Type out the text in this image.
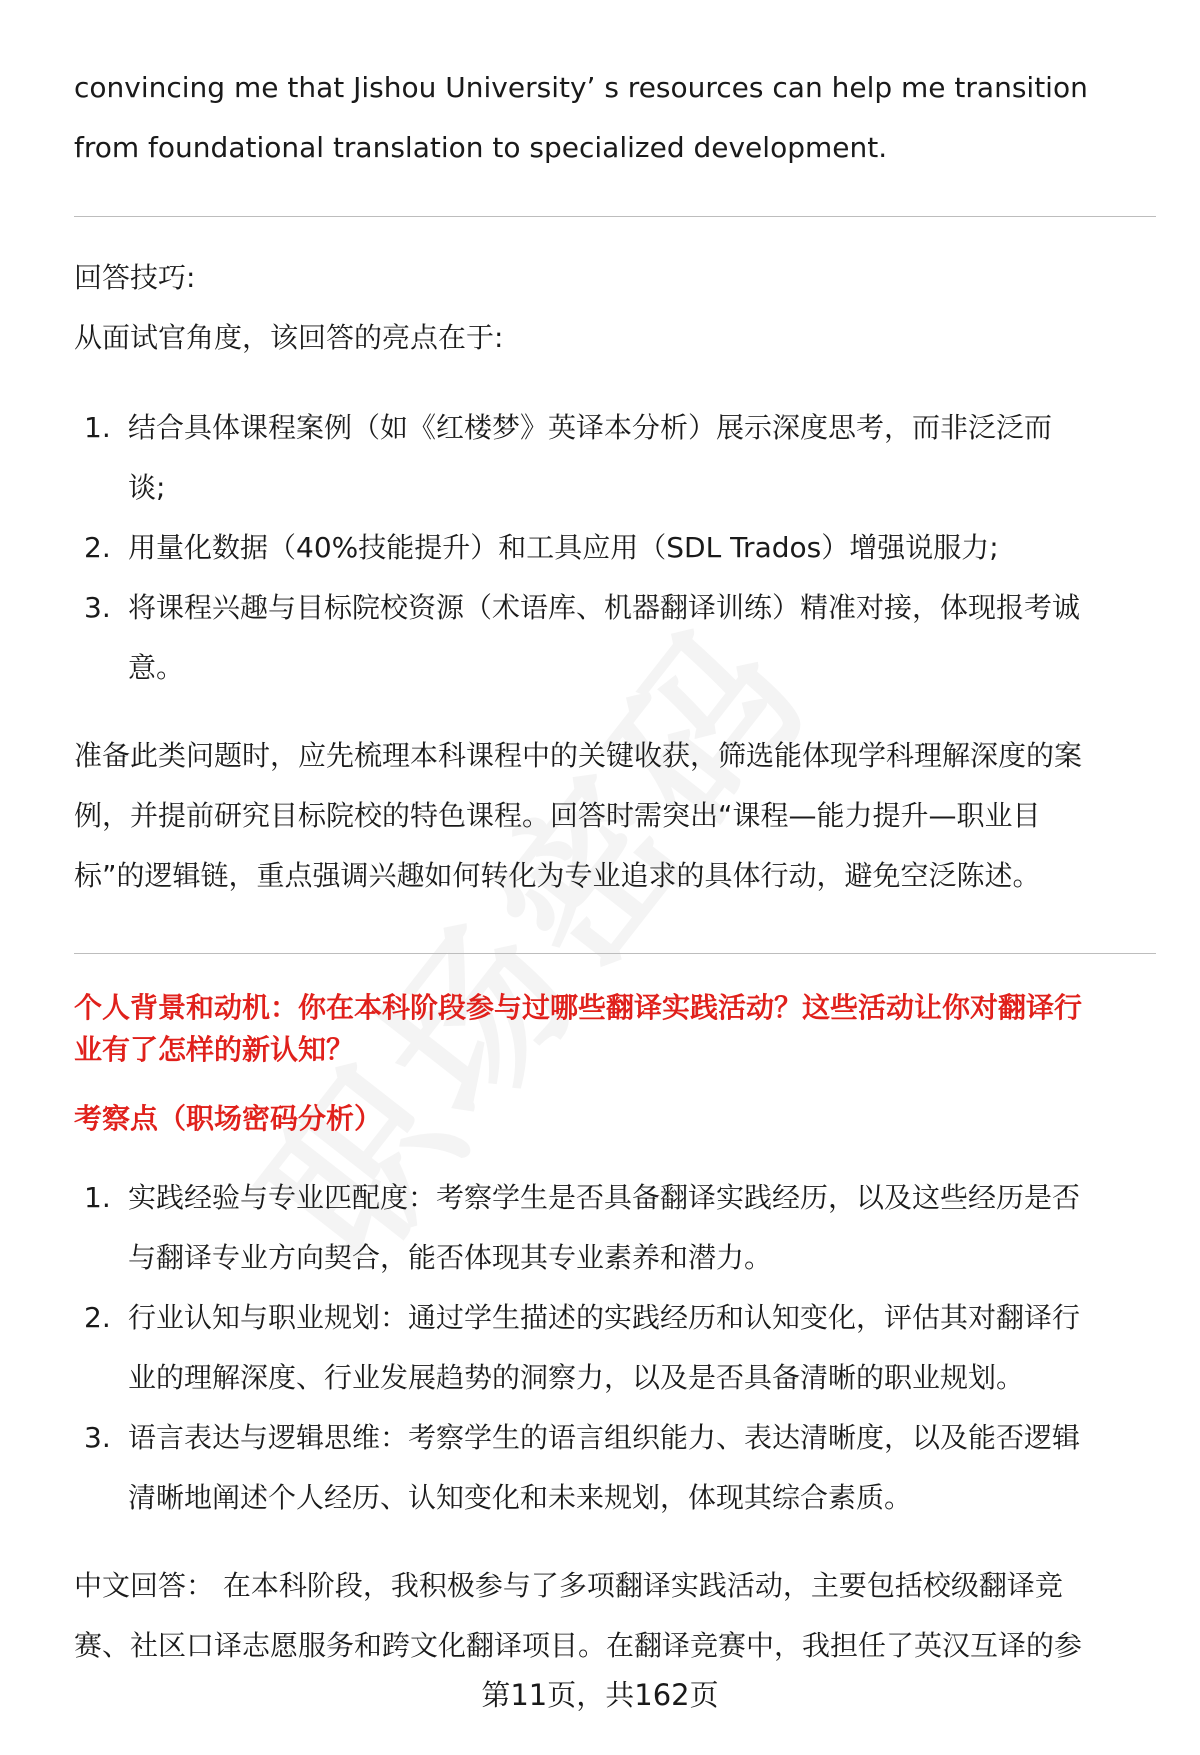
convincing me that Jishou University’ s resources can help me transition
from foundational translation to specialized development.

回答技巧:
从面试官角度，该回答的亮点在于:
1. 结合具体课程案例（如《红楼梦》英译本分析）展示深度思考，而非泛泛而
谈;
2. 用量化数据（40%技能提升）和工具应用（SDL Trados）增强说服力;
3. 将课程兴趣与目标院校资源（术语库、机器翻译训练）精准对接，体现报考诚
意。

准备此类问题时，应先梳理本科课程中的关键收获，筛选能体现学科理解深度的案
例，并提前研究目标院校的特色课程。回答时需突出“课程—能力提升—职业目
标”的逻辑链，重点强调兴趣如何转化为专业追求的具体行动，避免空泛陈述。

个人背景和动机：你在本科阶段参与过哪些翻译实践活动？这些活动让你对翻译行
业有了怎样的新认知？

考察点（职场密码分析）
1. 实践经验与专业匹配度：考察学生是否具备翻译实践经历，以及这些经历是否
与翻译专业方向契合，能否体现其专业素养和潜力。
2. 行业认知与职业规划：通过学生描述的实践经历和认知变化，评估其对翻译行
业的理解深度、行业发展趋势的洞察力，以及是否具备清晰的职业规划。
3. 语言表达与逻辑思维：考察学生的语言组织能力、表达清晰度，以及能否逻辑
清晰地阐述个人经历、认知变化和未来规划，体现其综合素质。

中文回答： 在本科阶段，我积极参与了多项翻译实践活动，主要包括校级翻译竞
赛、社区口译志愿服务和跨文化翻译项目。在翻译竞赛中，我担任了英汉互译的参

第11页，共162页
